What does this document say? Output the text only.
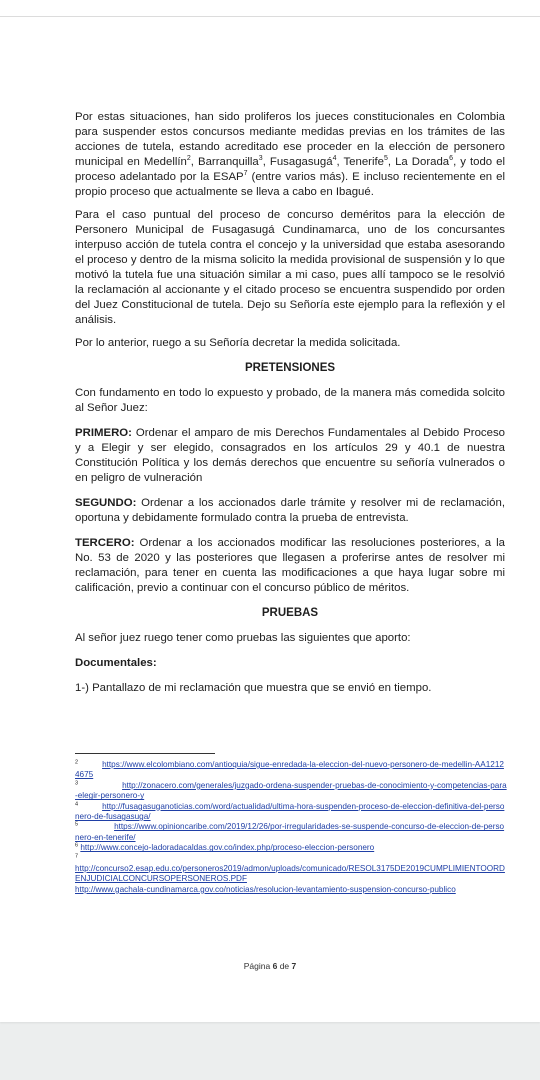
Por estas situaciones, han sido proliferos los jueces constitucionales en Colombia para suspender estos concursos mediante medidas previas en los trámites de las acciones de tutela, estando acreditado ese proceder en la elección de personero municipal en Medellín$^2$, Barranquilla$^3$, Fusagasugá$^4$, Tenerife$^5$, La Dorada$^6$, y todo el proceso adelantado por la ESAP$^7$ (entre varios más). E incluso recientemente en el propio proceso que actualmente se lleva a cabo en Ibagué.

Para el caso puntual del proceso de concurso deméritos para la elección de Personero Municipal de Fusagasugá Cundinamarca, uno de los concursantes interpuso acción de tutela contra el concejo y la universidad que estaba asesorando el proceso y dentro de la misma solicito la medida provisional de suspensión y lo que motivó la tutela fue una situación similar a mi caso, pues allí tampoco se le resolvió la reclamación al accionante y el citado proceso se encuentra suspendido por orden del Juez Constitucional de tutela. Dejo su Señoría este ejemplo para la reflexión y el análisis.

Por lo anterior, ruego a su Señoría decretar la medida solicitada.

PRETENSIONES

Con fundamento en todo lo expuesto y probado, de la manera más comedida solcito al Señor Juez:

PRIMERO: Ordenar el amparo de mis Derechos Fundamentales al Debido Proceso y a Elegir y ser elegido, consagrados en los artículos 29 y 40.1 de nuestra Constitución Política y los demás derechos que encuentre su señoría vulnerados o en peligro de vulneración

SEGUNDO: Ordenar a los accionados darle trámite y resolver mi de reclamación, oportuna y debidamente formulado contra la prueba de entrevista.

TERCERO: Ordenar a los accionados modificar las resoluciones posteriores, a la No. 53 de 2020 y las posteriores que llegasen a proferirse antes de resolver mi reclamación, para tener en cuenta las modificaciones a que haya lugar sobre mi calificación, previo a continuar con el concurso público de méritos.

PRUEBAS

Al señor juez ruego tener como pruebas las siguientes que aporto:

Documentales:

1-) Pantallazo de mi reclamación que muestra que se envió en tiempo.

$^2$	https://www.elcolombiano.com/antioquia/sigue-enredada-la-eleccion-del-nuevo-personero-de-medellin-AA12124675

$^3$	http://zonacero.com/generales/juzgado-ordena-suspender-pruebas-de-conocimiento-y-competencias-para-elegir-personero-y

$^4$	http://fusagasuganoticias.com/word/actualidad/ultima-hora-suspenden-proceso-de-eleccion-definitiva-del-personero-de-fusagasuga/

$^5$	https://www.opinioncaribe.com/2019/12/26/por-irregularidades-se-suspende-concurso-de-eleccion-de-personero-en-tenerife/

$^6$ http://www.concejo-ladoradacaldas.gov.co/index.php/proceso-eleccion-personero

$^7$
http://concurso2.esap.edu.co/personeros2019/admon/uploads/comunicado/RESOL3175DE2019CUMPLIMIENTOORDENJUDICIALCONCURSOPERSONEROS.PDF

http://www.gachala-cundinamarca.gov.co/noticias/resolucion-levantamiento-suspension-concurso-publico

Página 6 de 7
